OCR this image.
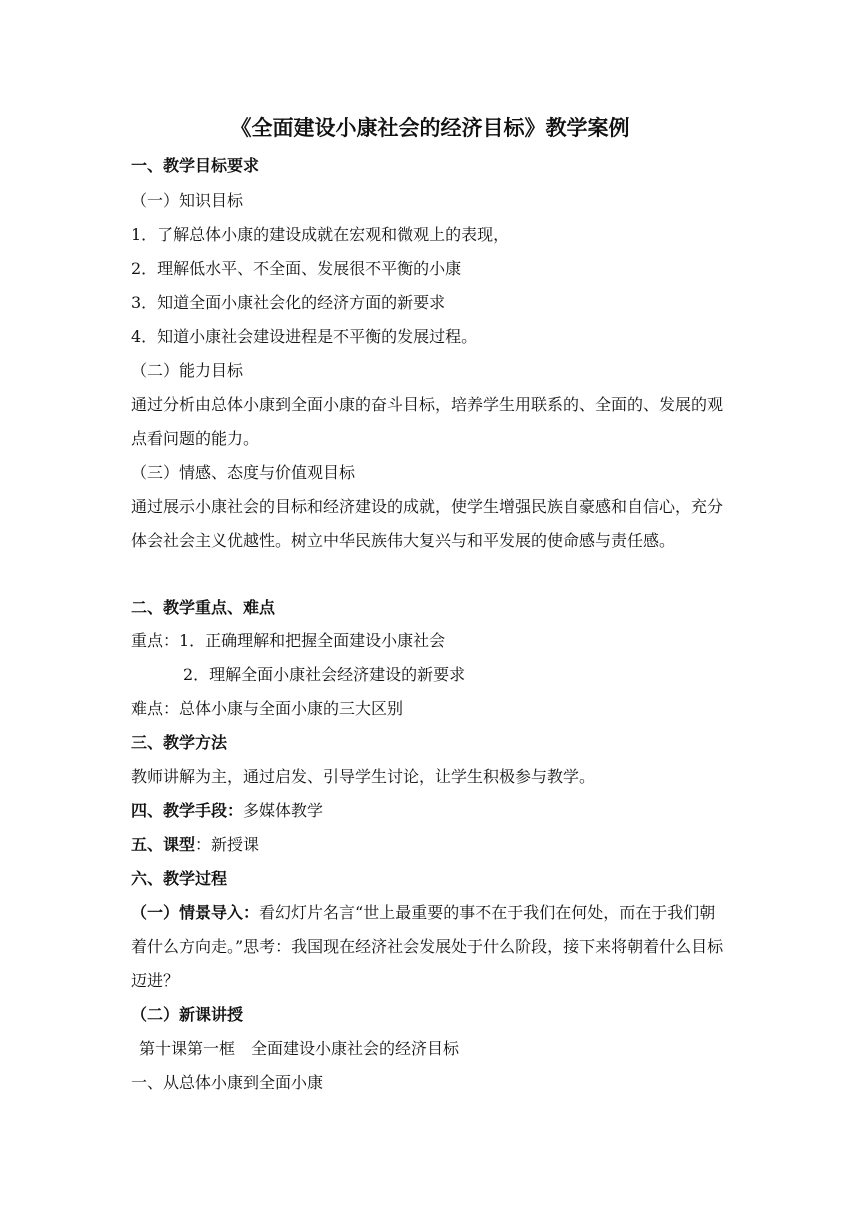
《全面建设小康社会的经济目标》教学案例
一、教学目标要求
（一）知识目标
1．了解总体小康的建设成就在宏观和微观上的表现，
2．理解低水平、不全面、发展很不平衡的小康
3．知道全面小康社会化的经济方面的新要求
4．知道小康社会建设进程是不平衡的发展过程。
（二）能力目标
通过分析由总体小康到全面小康的奋斗目标，培养学生用联系的、全面的、发展的观点看问题的能力。
（三）情感、态度与价值观目标
通过展示小康社会的目标和经济建设的成就，使学生增强民族自豪感和自信心，充分体会社会主义优越性。树立中华民族伟大复兴与和平发展的使命感与责任感。
二、教学重点、难点
重点：1．正确理解和把握全面建设小康社会
2．理解全面小康社会经济建设的新要求
难点：总体小康与全面小康的三大区别
三、教学方法
教师讲解为主，通过启发、引导学生讨论，让学生积极参与教学。
四、教学手段：多媒体教学
五、课型：新授课
六、教学过程
（一）情景导入：看幻灯片名言“世上最重要的事不在于我们在何处，而在于我们朝着什么方向走。”思考：我国现在经济社会发展处于什么阶段，接下来将朝着什么目标迈进？
（二）新课讲授
第十课第一框　全面建设小康社会的经济目标
一、从总体小康到全面小康
